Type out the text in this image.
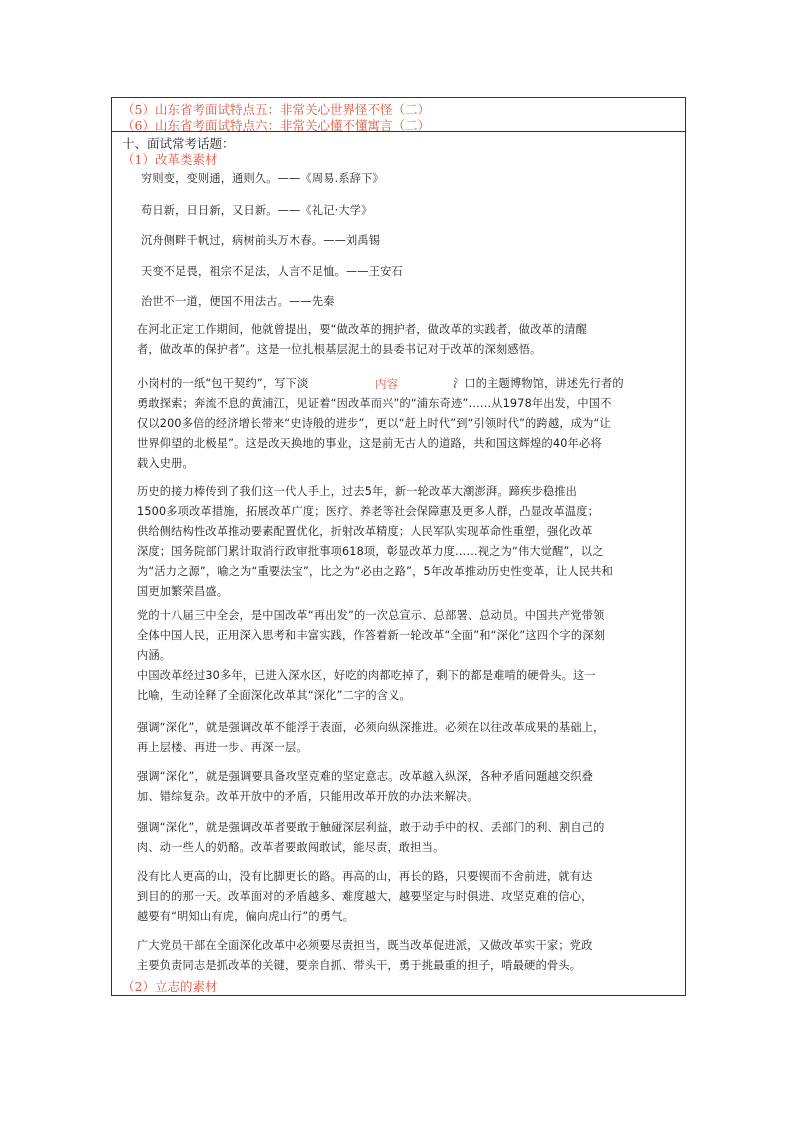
（5）山东省考面试特点五：非常关心世界怪不怪（二）
（6）山东省考面试特点六：非常关心懂不懂寓言（二）
十、面试常考话题：
（1）改革类素材
穷则变，变则通，通则久。——《周易.系辞下》
苟日新，日日新，又日新。——《礼记·大学》
沉舟侧畔千帆过，病树前头万木春。——刘禹锡
天变不足畏，祖宗不足法，人言不足恤。——王安石
治世不一道，便国不用法古。——先秦
在河北正定工作期间，他就曾提出，要“做改革的拥护者，做改革的实践者，做改革的清醒
者，做改革的保护者”。这是一位扎根基层泥土的县委书记对于改革的深刻感悟。
小岗村的一纸“包干契约”，写下淡	内容	氵口的主题博物馆，讲述先行者的
勇敢探索；奔流不息的黄浦江，见证着“因改革而兴”的“浦东奇迹”……从1978年出发，中国不
仅以200多倍的经济增长带来“史诗般的进步”，更以“赶上时代”到“引领时代”的跨越，成为“让
世界仰望的北极星”。这是改天换地的事业，这是前无古人的道路，共和国这辉煌的40年必将
载入史册。
历史的接力棒传到了我们这一代人手上，过去5年，新一轮改革大潮澎湃。蹄疾步稳推出
1500多项改革措施，拓展改革广度；医疗、养老等社会保障惠及更多人群，凸显改革温度；
供给侧结构性改革推动要素配置优化，折射改革精度；人民军队实现革命性重塑，强化改革
深度；国务院部门累计取消行政审批事项618项，彰显改革力度……视之为“伟大觉醒”，以之
为“活力之源”，喻之为“重要法宝”，比之为“必由之路”，5年改革推动历史性变革，让人民共和
国更加繁荣昌盛。
党的十八届三中全会，是中国改革“再出发”的一次总宣示、总部署、总动员。中国共产党带领
全体中国人民，正用深入思考和丰富实践，作答着新一轮改革“全面”和“深化”这四个字的深刻
内涵。
中国改革经过30多年，已进入深水区，好吃的肉都吃掉了，剩下的都是难啃的硬骨头。这一
比喻，生动诠释了全面深化改革其“深化”二字的含义。
强调“深化”，就是强调改革不能浮于表面，必须向纵深推进。必须在以往改革成果的基础上，
再上层楼、再进一步、再深一层。
强调“深化”，就是强调要具备攻坚克难的坚定意志。改革越入纵深，各种矛盾问题越交织叠
加、错综复杂。改革开放中的矛盾，只能用改革开放的办法来解决。
强调“深化”，就是强调改革者要敢于触碰深层利益，敢于动手中的权、丢部门的利、割自己的
肉、动一些人的奶酪。改革者要敢闯敢试，能尽责，敢担当。
没有比人更高的山，没有比脚更长的路。再高的山，再长的路，只要锲而不舍前进，就有达
到目的的那一天。改革面对的矛盾越多、难度越大，越要坚定与时俱进、攻坚克难的信心，
越要有“明知山有虎，偏向虎山行”的勇气。
广大党员干部在全面深化改革中必须要尽责担当，既当改革促进派，又做改革实干家；党政
主要负责同志是抓改革的关键，要亲自抓、带头干，勇于挑最重的担子，啃最硬的骨头。
（2）立志的素材
